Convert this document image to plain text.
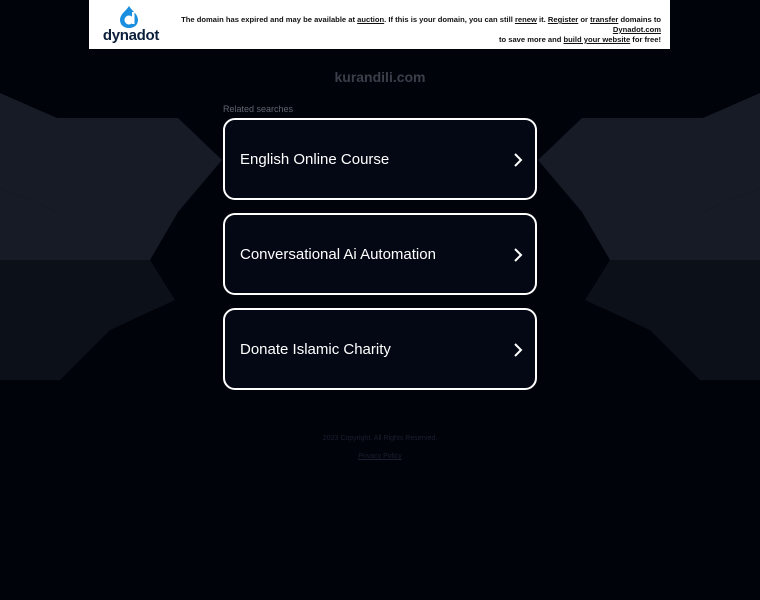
dynadot
The domain has expired and may be available at auction. If this is your domain, you can still renew it. Register or transfer domains to Dynadot.com
to save more and build your website for free!
kurandili.com
Related searches
English Online Course
Conversational Ai Automation
Donate Islamic Charity
2023 Copyright. All Rights Reserved.
Privacy Policy
